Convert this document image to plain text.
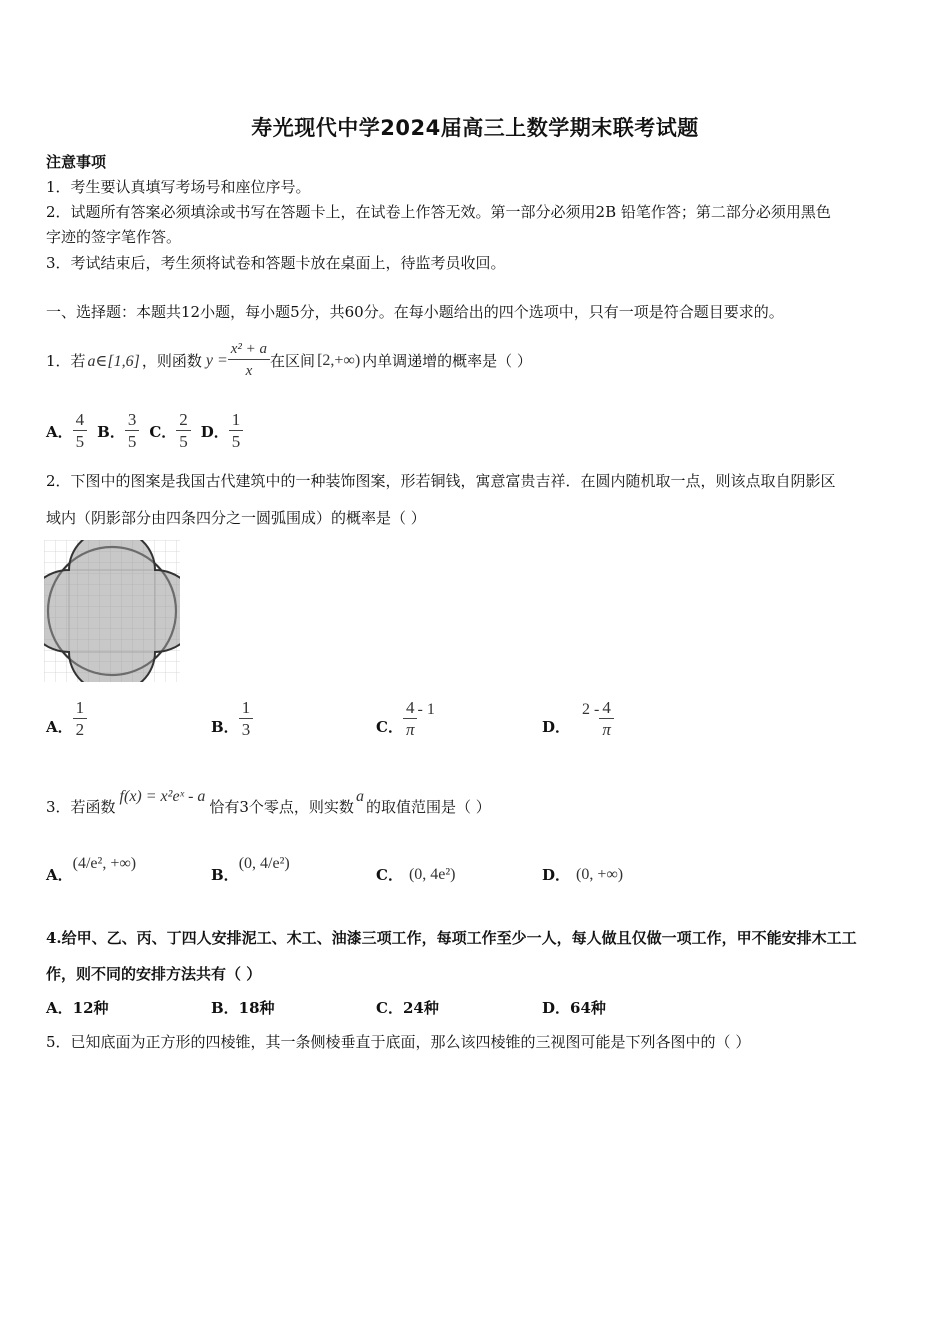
寿光现代中学2024届高三上数学期末联考试题
注意事项
1．考生要认真填写考场号和座位序号。
2．试题所有答案必须填涂或书写在答题卡上，在试卷上作答无效。第一部分必须用2B 铅笔作答；第二部分必须用黑色
字迹的签字笔作答。
3．考试结束后，考生须将试卷和答题卡放在桌面上，待监考员收回。
一、选择题：本题共12小题，每小题5分，共60分。在每小题给出的四个选项中，只有一项是符合题目要求的。
1．若 a∈[1,6] ，则函数 $y = \frac{\text{x² + a}}{x}$ 在区间 [2,+∞) 内单调递增的概率是（ ）
A． $\frac{4}{5}$ B． $\frac{3}{5}$ C． $\frac{2}{5}$ D． $\frac{1}{5}$
2．下图中的图案是我国古代建筑中的一种装饰图案，形若铜钱，寓意富贵吉祥．在圆内随机取一点，则该点取自阴影区
域内（阴影部分由四条四分之一圆弧围成）的概率是（ ）
A． $\frac{1}{2}$	B． $\frac{1}{3}$	C． $\frac{4}{\pi} - 1$
D．
$2 - \frac{4}{\pi}$
3．若函数
f(x) = x²eˣ - a
恰有3个零点，则实数
a
的取值范围是（ ）
A．
(4/e², +∞)
B．
(0, 4/e²)
C． (0, 4e²)	D． (0, +∞)
4.给甲、乙、丙、丁四人安排泥工、木工、油漆三项工作，每项工作至少一人，每人做且仅做一项工作，甲不能安排木工工
作，则不同的安排方法共有（ ）
A．12种	B．18种	C．24种	D．64种
5．已知底面为正方形的四棱锥，其一条侧棱垂直于底面，那么该四棱锥的三视图可能是下列各图中的（ ）
